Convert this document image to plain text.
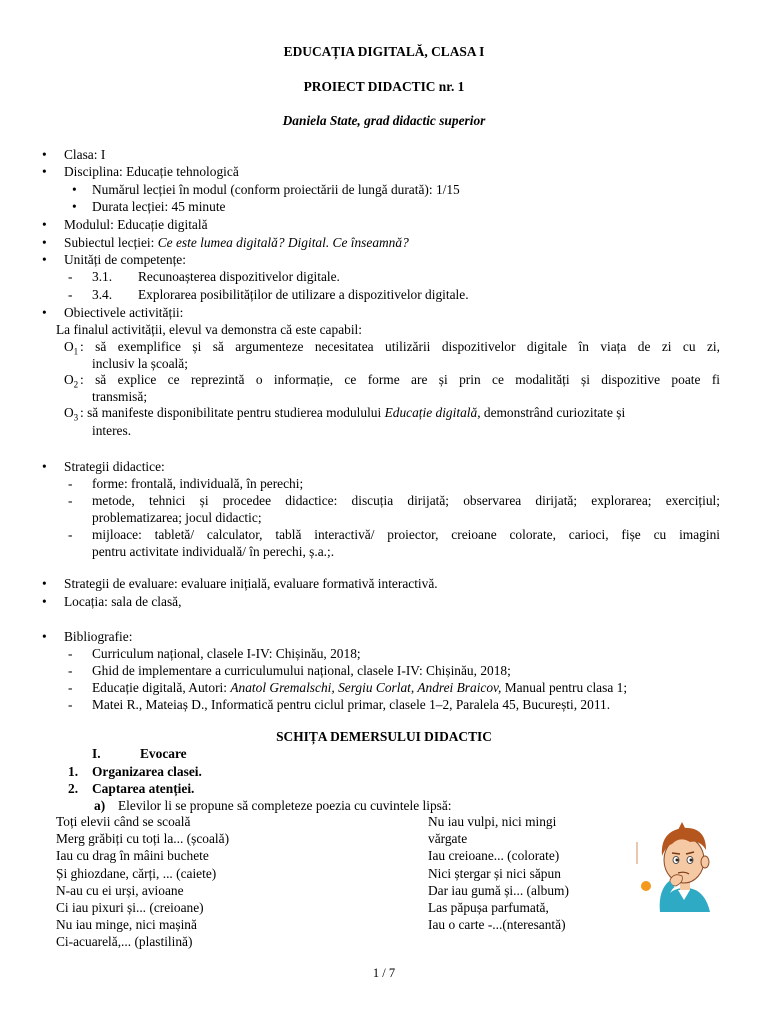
EDUCAȚIA DIGITALĂ, CLASA I
PROIECT DIDACTIC nr. 1
Daniela State, grad didactic superior
• Clasa: I
• Disciplina: Educație tehnologică
• Numărul lecției în modul (conform proiectării de lungă durată): 1/15
• Durata lecției: 45 minute
• Modulul: Educație digitală
• Subiectul lecției: Ce este lumea digitală? Digital. Ce înseamnă?
• Unități de competențe:
- 3.1. Recunoașterea dispozitivelor digitale.
- 3.4. Explorarea posibilităților de utilizare a dispozitivelor digitale.
• Obiectivele activității:
La finalul activității, elevul va demonstra că este capabil:
$O_1$ : să exemplifice și să argumenteze necesitatea utilizării dispozitivelor digitale în viața de zi cu zi,
inclusiv la școală;
$O_2$ : să explice ce reprezintă o informație, ce forme are și prin ce modalități și dispozitive poate fi
transmisă;
$O_3$ : să manifeste disponibilitate pentru studierea modulului Educație digitală, demonstrând curiozitate și
interes.
• Strategii didactice:
- forme: frontală, individuală, în perechi;
- metode, tehnici și procedee didactice: discuția dirijată; observarea dirijată; explorarea; exercițiul;
problematizarea; jocul didactic;
- mijloace: tabletă/ calculator, tablă interactivă/ proiector, creioane colorate, carioci, fișe cu imagini
pentru activitate individuală/ în perechi, ș.a.;.
• Strategii de evaluare: evaluare inițială, evaluare formativă interactivă.
• Locația: sala de clasă,
• Bibliografie:
- Curriculum național, clasele I-IV: Chișinău, 2018;
- Ghid de implementare a curriculumului național, clasele I-IV: Chișinău, 2018;
- Educație digitală, Autori: Anatol Gremalschi, Sergiu Corlat, Andrei Braicov, Manual pentru clasa 1;
- Matei R., Mateiaș D., Informatică pentru ciclul primar, clasele 1–2, Paralela 45, București, 2011.
SCHIȚA DEMERSULUI DIDACTIC
I.	Evocare
1. Organizarea clasei.
2. Captarea atenției.
a) Elevilor li se propune să completeze poezia cu cuvintele lipsă:
Toți elevii când se scoală
Merg grăbiți cu toți la... (școală)
Iau cu drag în mâini buchete
Și ghiozdane, cărți, ... (caiete)
N-au cu ei urși, avioane
Ci iau pixuri și... (creioane)
Nu iau minge, nici mașină
Ci-acuarelă,... (plastilină)
Nu iau vulpi, nici mingi
vărgate
Iau creioane... (colorate)
Nici ștergar și nici săpun
Dar iau gumă și... (album)
Las păpușa parfumată,
Iau o carte -...(nteresantă)
1 / 7
